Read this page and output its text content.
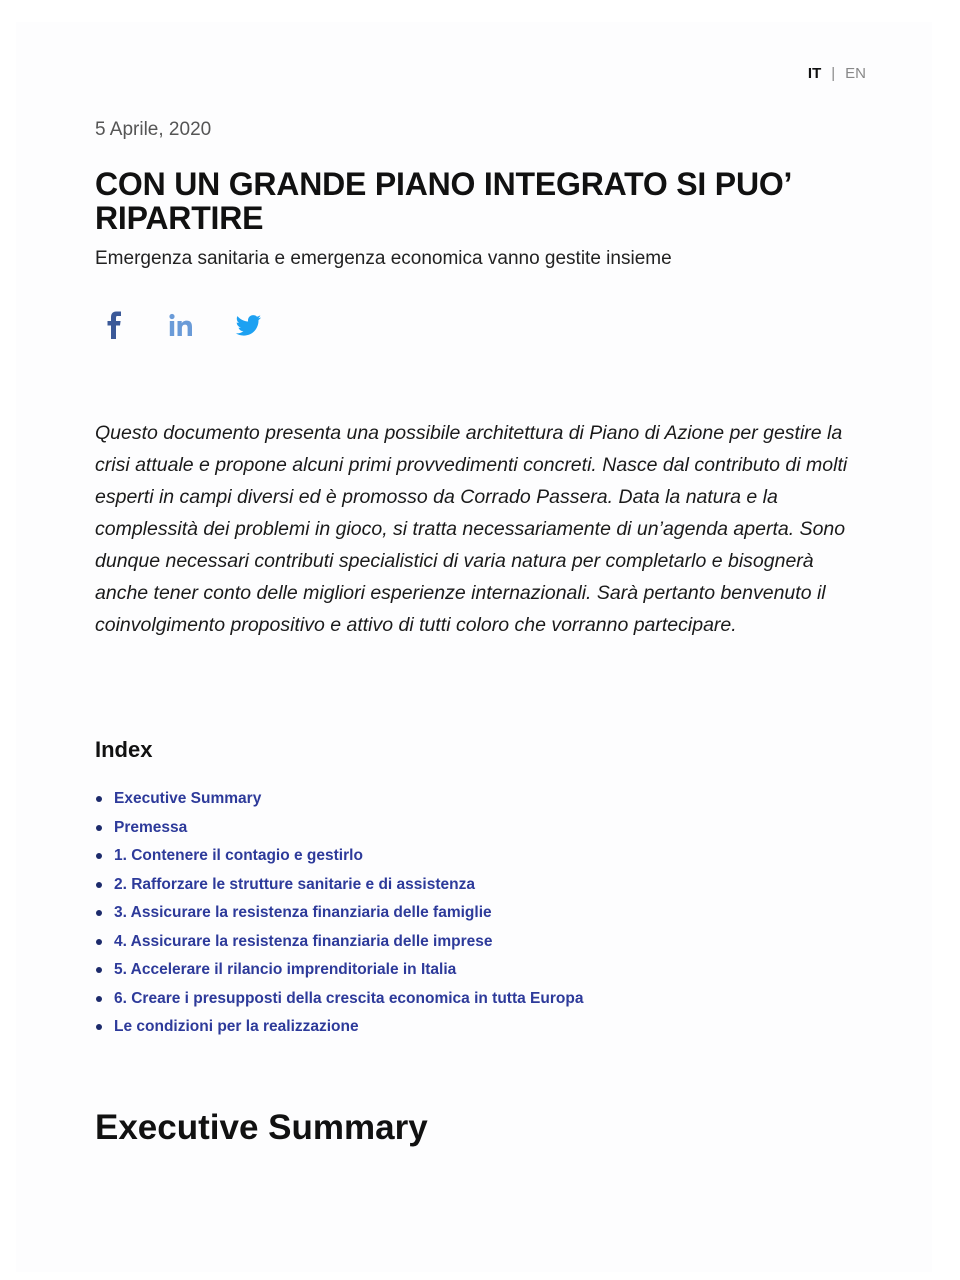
IT | EN
5 Aprile, 2020
CON UN GRANDE PIANO INTEGRATO SI PUO’ RIPARTIRE
Emergenza sanitaria e emergenza economica vanno gestite insieme

Questo documento presenta una possibile architettura di Piano di Azione per gestire la crisi attuale e propone alcuni primi provvedimenti concreti. Nasce dal contributo di molti esperti in campi diversi ed è promosso da Corrado Passera. Data la natura e la complessità dei problemi in gioco, si tratta necessariamente di un’agenda aperta. Sono dunque necessari contributi specialistici di varia natura per completarlo e bisognerà anche tener conto delle migliori esperienze internazionali. Sarà pertanto benvenuto il coinvolgimento propositivo e attivo di tutti coloro che vorranno partecipare.

Index
Executive Summary
Premessa
1. Contenere il contagio e gestirlo
2. Rafforzare le strutture sanitarie e di assistenza
3. Assicurare la resistenza finanziaria delle famiglie
4. Assicurare la resistenza finanziaria delle imprese
5. Accelerare il rilancio imprenditoriale in Italia
6. Creare i presupposti della crescita economica in tutta Europa
Le condizioni per la realizzazione
Executive Summary
